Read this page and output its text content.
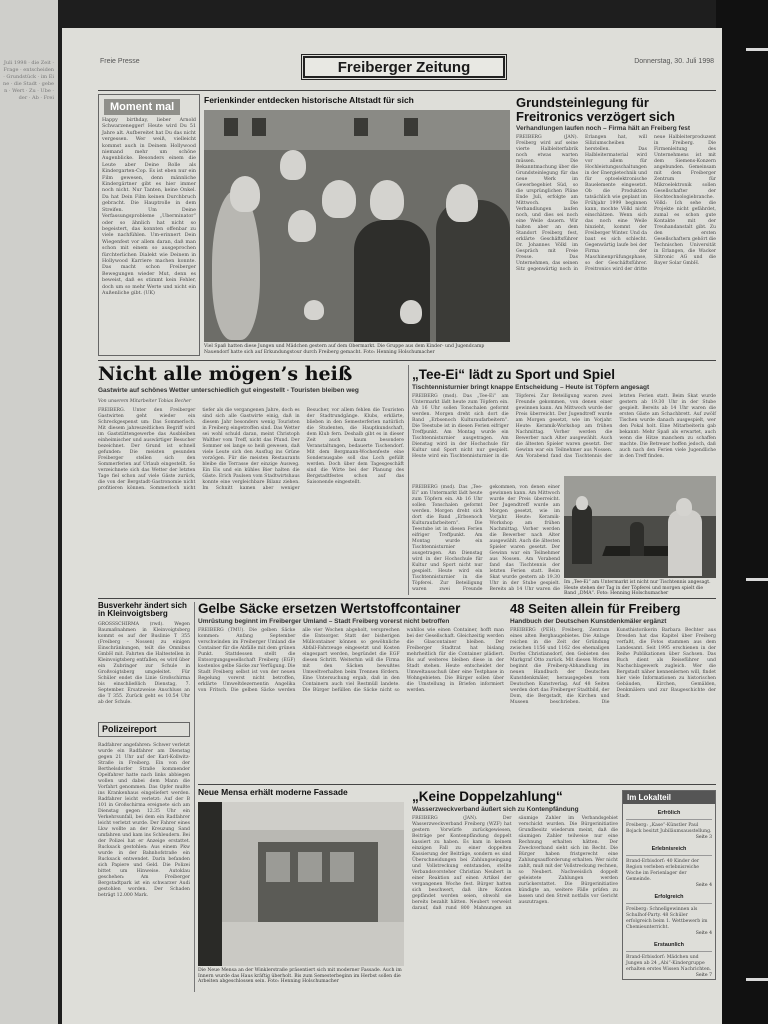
Juli 1998 · die Zeit · Frage · entscheiden · Grundstück · im Eine · die Stadt · geben · Wert · Zu · Ube · der · Ab · Frei
Freie Presse	Freiberger Zeitung	Donnerstag, 30. Juli 1998
Moment mal
Happy birthday, lieber Arnold Schwarzenegger! Heute wird Du 51 Jahre alt. Aufbereitet hat Du das nicht vergessen. Wer weiß, vielleicht kommst auch in Deinem Hollywood niemand mehr um schöne Augenblicke. Besonders einem die Leute aber Deine Rolle als Kindergarten-Cop. Es ist eben nur ein Film gewesen, denn männliche Kindergärtner gibt es hier immer noch nicht. Nur Tanten, keine Onkel. Da hat Dein Film keinen Durchbruch gebracht. Die Hauptrolle in dem Streifen. Um Deine Verfassungsprobleme „Uberminator“ oder so ähnlich hat nicht so begeistert, das konnten offenbar zu viele nachfühlen. Um-erinnert Dein Wiegenfest vor allem daran, daß man schon mit einem so ausgeprochen fürchterlichen Dialekt wie Deinem in Hollywood Karriere machen konnte. Das macht schon Freiberger Bewegungen wieder Mut, denn es beweist, daß es stimmt kein Fehler, doch um so mehr Werte und nicht ein Außenliche gibt. (UK)
Ferienkinder entdecken historische Altstadt für sich
Viel Spaß hatten diese Jungen und Mädchen gestern auf dem Obermarkt. Die Gruppe aus dem Kinder- und Jugendcamp Nauendorf hatte sich auf Erkundungstour durch Freiberg gemacht. Foto: Henning Holschumacher
Grundsteinlegung für Freitronics verzögert sich
Verhandlungen laufen noch – Firma hält an Freiberg fest
FREIBERG (JAN). Freiberg wird auf seine vierte Halbleiterfabrik noch etwas warten müssen. Die Bekanntmachung über die Grundsteinlegung für das neue Werk im Gewerbegebiet Süd, so die ursprünglichen Pläne Ende Juli, erfolgte am Mittwoch. Die Verhandlungen laufen noch, und dies sei noch eine Weile dauern. Wir halten aber an dem Standort Freiberg fest, erklärte Geschäftsführer Dr. Johannes Völkl im Gespräch mit Freie Presse. Das Unternehmen, das seinen Sitz gegenwärtig noch in Erlangen hat, will Siliziumscheiben herstellen. Das Halbleitermaterial wird vor allem für Hochleistungsschaltungen in der Energietechnik und für optoelektronische Bauelemente eingesetzt. Ob die Produktion tatsächlich wie geplant im Frühjahr 1999 beginnen kann, mochte Völkl nicht einschätzen. Wenn sich das noch eine Weile hinzieht, kommt der Freiberger Winter. Und da baut es sich schlecht. Gegenwärtig laufe bei der Firma der Maschinenprüfungsphase, so der Geschäftsführer. Freitronics wird der dritte neue Halbleiterproduzent in Freiberg. Die Firmenleitung des Unternehmens ist mit dem Siemens-Konzern angebunden. Gemeinsam mit dem Freiberger Zentrum für Mikroelektronik sollen Gesellschafter der Hochtechnologiebranche. Völkl: Ich sehe die Projekte nicht gefährdet, zumal es schon gute Kontakte mit der Treuhandanstalt gibt. Zu den ersten Gesellschaftern gehört die Technischen Universität in Erlangen, die Wacker Siltronic AG und die Bayer Solar GmbH.
Nicht alle mögen’s heiß
Gastwirte auf schönes Wetter unterschiedlich gut eingestellt - Touristen bleiben weg
Von unserem Mitarbeiter Tobias Becher
FREIBERG. Unter den Freiberger Gastwirten geht wieder ein Schreckgespenst um: Das Sommerloch. Mit diesem jahreszeitlichen Begriff wird im Gaststättengewerbe das Ausbleiben einheimischer und auswärtiger Besucher bezeichnet. Der Grund ist schnell gefunden: Die meisten gesunden Freiberger stellen sich den Sommerferien auf Urlaub eingestellt. So verzeichnete sich das Wetter der letzten Tage fiel schon auf viele Gäste zurück, die von der Bergstadt-Gastronomie nicht profitieren können. Sommerloch nicht tiefer als die vergangenen Jahre, doch es sind sich alle Gastwirte einig, daß in diesem Jahr besonders wenig Touristen in Freiberg eingetroffen sind. Das Wetter sei wohl schuld daran, meint Christoph Walther vom Treff, nicht das Pfund. Der Sommer sei lange so heiß gewesen, daß viele Leute sich den Ausflug ins Grüne vorzögen. Für die meisten Restaurants bleibe die Terrasse der einzige Ausweg. Ein Eis und ein kühles Bier halten die Gäste. Erich Paulsen vom Stadtwirtshaus konnte eine vergleichbare Bilanz ziehen. Im Schnitt kamen aber weniger Besucher, vor allem fehlen die Touristen der Stadtrundgänge. Klubs, erklärte, blieben in den Semesterferien natürlich die Studenten, die Hauptkundschaft, dem Klub fern. Deshalb gibt es in dieser Zeit auch kaum besondere Veranstaltungen, bedauerte Tischendorf. Mit dem Bergmann-Wochenfeste eine Sonderausgabe soll das Loch gefüllt werden. Doch über dem Tagesgeschäft sind die Wirte bei der Planung des Bergstadtfestes schon auf das Saisonende eingestellt.
„Tee-Ei“ lädt zu Sport und Spiel
Tischtennisturnier bringt knappe Entscheidung – Heute ist Töpfern angesagt
FREIBERG (msd). Das „Tee-Ei“ am Untermarkt lädt heute zum Töpfern ein. Ab 16 Uhr sollen Tonschalen geformt werden. Morgen dreht sich dort die Band „Erbsenoch Kulturaufarbeitern“. Die Teestube ist in diesen Ferien eifriger Treffpunkt. Am Montag wurde ein Tischtennisturnier ausgetragen. Am Dienstag wird in der Hochschule für Kultur und Sport nicht nur gespielt. Heute wird ein Tischtennisturnier in die Töpferei. Zur Beteiligung waren zwei Freunde gekommen, von denen einer gewinnen kann. Am Mittwoch wurde der Preis überreicht. Der Jugendtreff wurde am Morgen gesetzt, wie im Vorjahr. Heute: Keramik-Workshop am frühen Nachmittag. Vorher werden die Bewerber nach Alter ausgewählt. Auch die ältesten Spieler waren gesetzt. Der Gewinn war ein Teilnehmer aus Nossen. Am Vorabend fand das Tischtennis der letzten Ferien statt. Beim Skat wurde gestern ab 19.30 Uhr in der Stube gespielt. Bereits ab 14 Uhr waren die ersten Gäste am Schachbrett. Auf zwölf Tischen wurde danach ausgespielt, wer den Pokal holt. Eine Mitarbeiterin gab bekannt: Mehr Spaß als erwartet, auch wenn die Hitze manchem zu schaffen machte. Die Betreuer hoffen jedoch, daß auch nach den Ferien viele Jugendliche in den Treff finden.
FREIBERG (msd). Das „Tee-Ei“ am Untermarkt lädt heute zum Töpfern ein. Ab 16 Uhr sollen Tonschalen geformt werden. Morgen dreht sich dort die Band „Erbsenoch Kulturaufarbeitern“. Die Teestube ist in diesen Ferien eifriger Treffpunkt. Am Montag wurde ein Tischtennisturnier ausgetragen. Am Dienstag wird in der Hochschule für Kultur und Sport nicht nur gespielt. Heute wird ein Tischtennisturnier in die Töpferei. Zur Beteiligung waren zwei Freunde gekommen, von denen einer gewinnen kann. Am Mittwoch wurde der Preis überreicht. Der Jugendtreff wurde am Morgen gesetzt, wie im Vorjahr. Heute: Keramik-Workshop am frühen Nachmittag. Vorher werden die Bewerber nach Alter ausgewählt. Auch die ältesten Spieler waren gesetzt. Der Gewinn war ein Teilnehmer aus Nossen. Am Vorabend fand das Tischtennis der letzten Ferien statt. Beim Skat wurde gestern ab 19.30 Uhr in der Stube gespielt. Bereits ab 14 Uhr waren die
Im „Tee-Ei“ am Untermarkt ist nicht nur Tischtennis angesagt. Heute stehen der Tag in der Töpferei und morgen spielt die Band „DMA“. Foto: Henning Holschumacher
Busverkehr ändert sich in Kleinvoigtsberg
GROSSSCHIRMA (rwd). Wegen Baumaßnahmen in Kleinvoigtsberg kommt es auf der Buslinie T 355 (Freiberg – Nossen) zu einigen Einschränkungen, teilt die Omnibus GmbH mit. Fahrten die Haltestellen in Kleinvoigtsberg entfallen, es wird über ein Zubringer zur Schule in Großvoigtsberg umgeleitet. Für Schüler endet die Linie Großschirma bis einschließlich Dienstag, 7. September. Ersatzweise Anschluss an die T 355. Zurück geht es 10.54 Uhr ab der Schule.
Polizeireport
Radfahrer angefahren: Schwer verletzt wurde ein Radfahrer am Dienstag gegen 21 Uhr auf der Karl-Kollwitz-Straße in Freiberg. Ein von der Berthelsdorfer Straße kommender Opelfahrer hatte nach links abbiegen wollen und dabei dem Mann die Vorfahrt genommen. Das Opfer mußte ins Krankenhaus eingeliefert werden. Radfahrer leicht verletzt: Auf der B 101 in Großschirma ereignete sich am Dienstag gegen 12.35 Uhr ein Verkehrsunfall, bei dem ein Radfahrer leicht verletzt wurde. Der Fahrer eines Lkw wollte an der Kreuzung Sand umfahren und kam ins Schleudern. Bei der Polizei hat er Anzeige erstattet. Rucksack gestohlen: Aus einem Pkw wurde in der Bahnhofstraße ein Rucksack entwendet. Darin befanden sich Papiere und Geld. Die Polizei bittet um Hinweise. Autoklau geschehen: Am Freiberger Bergstadtpark ist ein schwarzer Audi gestohlen worden. Der Schaden beträgt 12.000 Mark.
Gelbe Säcke ersetzen Wertstoffcontainer
Umrüstung beginnt im Freiberger Umland – Stadt Freiberg vorerst nicht betroffen
FREIBERG (TMU). Die gelben Säcke kommen: Anfang September verschwinden im Freiberger Umland die Container für die Abfälle mit dem grünen Punkt. Stattdessen stellt die Entsorgungsgesellschaft Freiberg (EGF) kostenlos gelbe Säcke zur Verfügung. Die Stadt Freiberg selbst ist von der neuen Regelung vorerst nicht betroffen, erklärte Umweltdezernentin Angelika von Fritsch. Die gelben Säcke werden alle vier Wochen abgeholt, versprechen die Entsorger. Statt der bisherigen Müllcontainer können so gewöhnliche Abfall-Fahrzeuge eingesetzt und Kosten eingespart werden, begründet die EGF diesen Schritt. Weiterhin will die Firma mit den Säcken bewußtes Umweltverhalten beim Trennen fördern. Eine Untersuchung ergab, daß in den Containern auch viel Restmüll landete. Die Bürger befüllen die Säcke nicht so wahllos wie einen Container, hofft man bei der Gesellschaft. Gleichzeitig werden die Glascontainer bleiben. Der Freiberger Stadtrat hat bislang mehrheitlich für die Container plädiert. Bis auf weiteres bleiben diese in der Stadt stehen. Heute entscheidet der Umweltausschuß über eine Testphase in Wohngebieten. Die Bürger sollen über die Umstellung in Briefen informiert werden.
48 Seiten allein für Freiberg
Handbuch der Deutschen Kunstdenkmäler ergänzt
FREIBERG (PEH). Freiberg, Zentrum eines alten Bergbaugebietes. Die Anlage reichen in die Zeit der Gründung zwischen 1156 und 1162 des ehemaligen Dorfes Christiansdorf, den Gebieten des Markgraf Otto zurück. Mit diesen Worten beginnt die Freiberg-Abhandlung im neuen Handbuch der Deutschen Kunstdenkmäler, herausgegeben vom Deutschen Kunstverlag. Auf 48 Seiten werden dort das Freiberger Stadtbild, der Dom, die Bergstadt, die Kirchen und Museen beschrieben. Die Kunsthistorikerin Barbara Bechter aus Dresden hat das Kapitel über Freiberg verfaßt, die Fotos stammen aus dem Landesamt. Seit 1995 erschienen in der Reihe Publikationen über Sachsen. Das Buch dient als Reiseführer und Nachschlagewerk zugleich. Wer die Bergstadt näher kennenlernen will, findet hier viele Informationen zu historischen Gebäuden, Kirchen, Gemälden, Denkmälern und zur Baugeschichte der Stadt.
Neue Mensa erhält moderne Fassade
Die Neue Mensa an der Winklerstraße präsentiert sich mit moderner Fassade. Auch im Innern wurde das Haus kräftig überholt. Bis zum Semesterbeginn im Herbst sollen die Arbeiten abgeschlossen sein. Foto: Henning Holschumacher
„Keine Doppelzahlung“
Wasserzweckverband äußert sich zu Kontenpfändung
FREIBERG (JAN). Der Wasserzweckverband Freiberg (WZF) hat gestern Vorwürfe zurückgewiesen, Beiträge per Kontenpfändung doppelt kassiert zu haben. Es kam in keinem einzigen Fall zu einer doppelten Kassierung der Beiträge, sondern es sind Überschneidungen bei Zahlungseingang und Vollstreckung entstanden, stellte Verbandsvorsteher Christian Neubert in einer Reaktion auf einen Artikel der vergangenen Woche fest. Bürger hatten sich beschwert, daß ihre Konten gepfändet worden seien, obwohl sie bereits bezahlt hätten. Neubert verweist darauf, daß rund 800 Mahnungen an säumige Zahler im Verbandsgebiet verschickt wurden. Die Bürgerinitiative Grundbesitz wiederum meint, daß die säumigen Zahler teilweise nur eine Rechnung erhalten hätten. Der Zweckverband sieht sich im Recht. Die Bürger haben fristgerecht eine Zahlungsaufforderung erhalten. Wer nicht zahlt, muß mit der Vollstreckung rechnen, so Neubert. Nachweislich doppelt geleistete Zahlungen werden zurückerstattet. Die Bürgerinitiative kündigte an, weitere Fälle prüfen zu lassen und den Streit notfalls vor Gericht auszutragen.
Im Lokalteil
Erfrölich
Freiberg: „Kase“-Künstler Paul Bojack besitzt Jubiläumsausstellung.
Seite 3
Erlebnisreich
Brand-Erbisdorf: 40 Kinder der Region verleben erlebnisreiche Woche im Ferienlager der Gemeinde.
Seite 4
Erfolgreich
Freiberg: Schnellgewinnen als Schulhof-Party. 48 Schüler erfolgreich beim 1. Wettbewerb im Chemieunterricht.
Seite 4
Erstaunlich
Brand-Erbisdorf: Mädchen und Jungen ab 24 „Abi“-Kindergruppe erhalten erstes Wissen Nachrichten.
Seite 7
